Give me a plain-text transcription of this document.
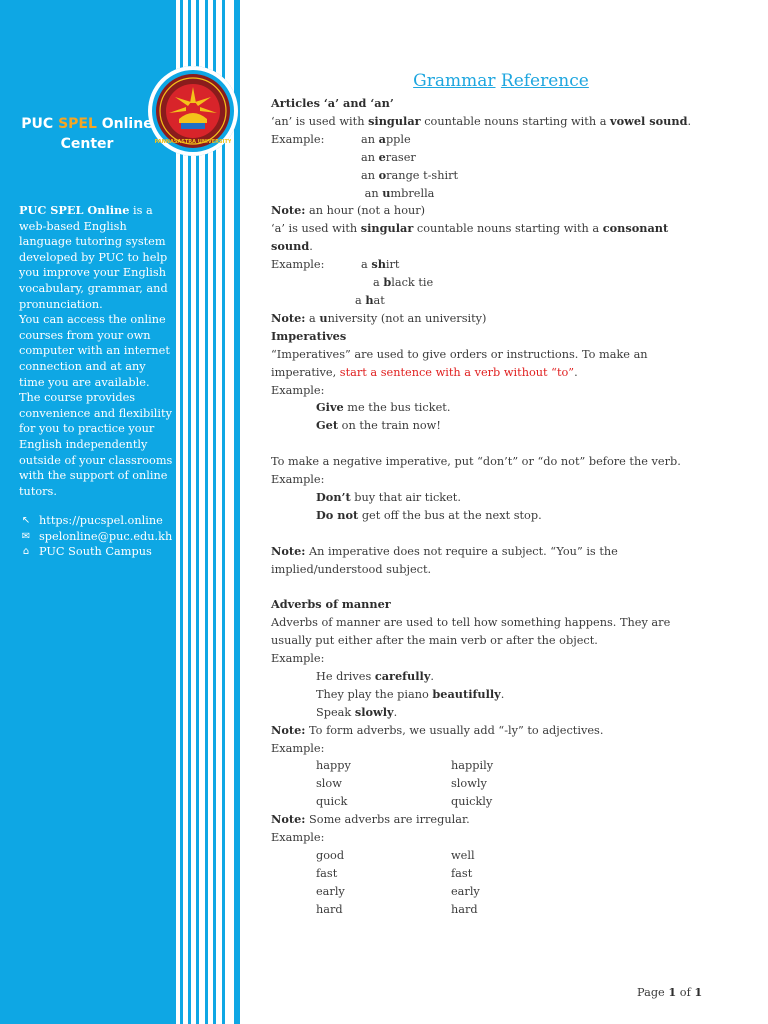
PANNASASTRA UNIVERSITY
PUC SPEL Online
Center
PUC SPEL Online is a
web-based English
language tutoring system
developed by PUC to help
you improve your English
vocabulary, grammar, and
pronunciation.
You can access the online
courses from your own
computer with an internet
connection and at any
time you are available.
The course provides
convenience and flexibility
for you to practice your
English independently
outside of your classrooms
with the support of online
tutors.
↖ https://pucspel.online
✉ spelonline@puc.edu.kh
⌂ PUC South Campus
Grammar Reference
Articles ‘a’ and ‘an’
‘an’ is used with singular countable nouns starting with a vowel sound.
Example:	an apple
an eraser
an orange t-shirt
an umbrella
Note: an hour (not a hour)
‘a’ is used with singular countable nouns starting with a consonant
sound.
Example:	a shirt
a black tie
a hat
Note: a university (not an university)
Imperatives
“Imperatives” are used to give orders or instructions. To make an
imperative, start a sentence with a verb without “to”.
Example:
Give me the bus ticket.
Get on the train now!
To make a negative imperative, put “don’t” or “do not” before the verb.
Example:
Don’t buy that air ticket.
Do not get off the bus at the next stop.
Note: An imperative does not require a subject. “You” is the
implied/understood subject.
Adverbs of manner
Adverbs of manner are used to tell how something happens. They are
usually put either after the main verb or after the object.
Example:
He drives carefully.
They play the piano beautifully.
Speak slowly.
Note: To form adverbs, we usually add “-ly” to adjectives.
Example:
happy	happily
slow	slowly
quick	quickly
Note: Some adverbs are irregular.
Example:
good	well
fast	fast
early	early
hard	hard
Page 1 of 1
